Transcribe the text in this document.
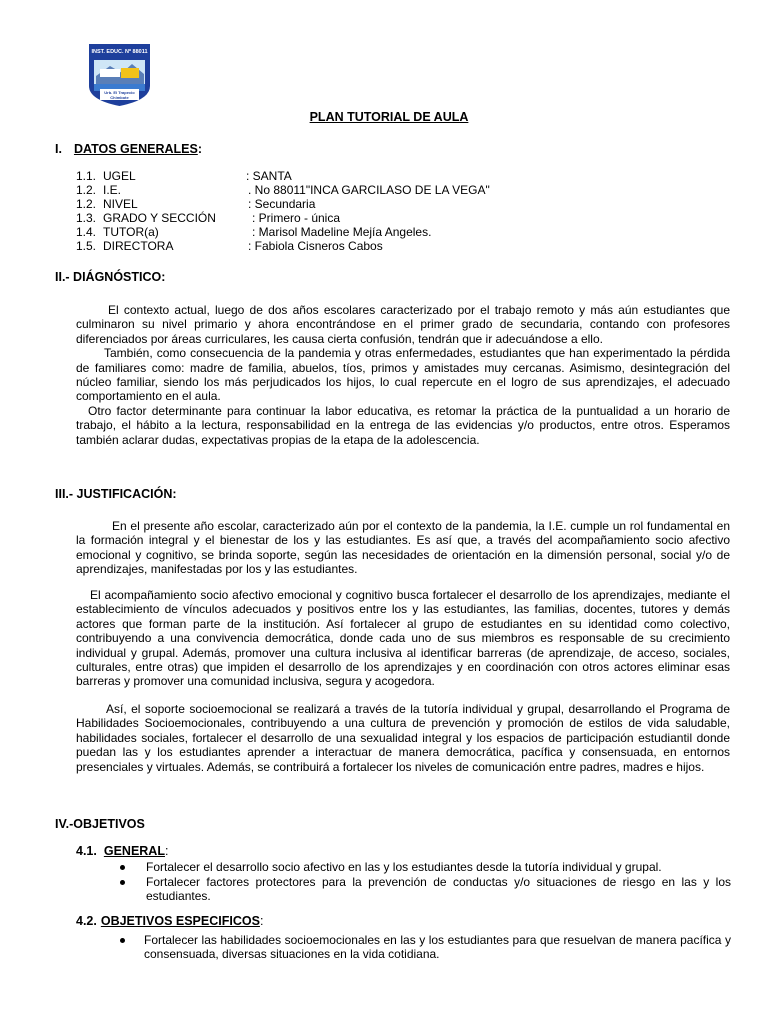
INST. EDUC. Nº 88011
Urb. El Trapecio
Chimbote
PLAN TUTORIAL DE AULA
I. DATOS GENERALES:
1.1. UGEL	: SANTA
1.2. I.E.	. No 88011"INCA GARCILASO DE LA VEGA"
1.2. NIVEL	: Secundaria
1.3. GRADO Y SECCIÓN	: Primero - única
1.4. TUTOR(a)	: Marisol Madeline Mejía Angeles.
1.5. DIRECTORA	: Fabiola Cisneros Cabos
II.- DIÁGNÓSTICO:

El contexto actual, luego de dos años escolares caracterizado por el trabajo remoto y más aún estudiantes que culminaron su nivel primario y ahora encontrándose en el primer grado de secundaria, contando con profesores diferenciados por áreas curriculares, les causa cierta confusión, tendrán que ir adecuándose a ello.

También, como consecuencia de la pandemia y otras enfermedades, estudiantes que han experimentado la pérdida de familiares como: madre de familia, abuelos, tíos, primos y amistades muy cercanas. Asimismo, desintegración del núcleo familiar, siendo los más perjudicados los hijos, lo cual repercute en el logro de sus aprendizajes, el adecuado comportamiento en el aula.

Otro factor determinante para continuar la labor educativa, es retomar la práctica de la puntualidad a un horario de trabajo, el hábito a la lectura, responsabilidad en la entrega de las evidencias y/o productos, entre otros. Esperamos también aclarar dudas, expectativas propias de la etapa de la adolescencia.

III.- JUSTIFICACIÓN:

En el presente año escolar, caracterizado aún por el contexto de la pandemia, la I.E. cumple un rol fundamental en la formación integral y el bienestar de los y las estudiantes. Es así que, a través del acompañamiento socio afectivo emocional y cognitivo, se brinda soporte, según las necesidades de orientación en la dimensión personal, social y/o de aprendizajes, manifestadas por los y las estudiantes.

El acompañamiento socio afectivo emocional y cognitivo busca fortalecer el desarrollo de los aprendizajes, mediante el establecimiento de vínculos adecuados y positivos entre los y las estudiantes, las familias, docentes, tutores y demás actores que forman parte de la institución. Así fortalecer al grupo de estudiantes en su identidad como colectivo, contribuyendo a una convivencia democrática, donde cada uno de sus miembros es responsable de su crecimiento individual y grupal. Además, promover una cultura inclusiva al identificar barreras (de aprendizaje, de acceso, sociales, culturales, entre otras) que impiden el desarrollo de los aprendizajes y en coordinación con otros actores eliminar esas barreras y promover una comunidad inclusiva, segura y acogedora.

Así, el soporte socioemocional se realizará a través de la tutoría individual y grupal, desarrollando el Programa de Habilidades Socioemocionales, contribuyendo a una cultura de prevención y promoción de estilos de vida saludable, habilidades sociales, fortalecer el desarrollo de una sexualidad integral y los espacios de participación estudiantil donde puedan las y los estudiantes aprender a interactuar de manera democrática, pacífica y consensuada, en entornos presenciales y virtuales. Además, se contribuirá a fortalecer los niveles de comunicación entre padres, madres e hijos.

IV.-OBJETIVOS
4.1. GENERAL:
Fortalecer el desarrollo socio afectivo en las y los estudiantes desde la tutoría individual y grupal.
Fortalecer factores protectores para la prevención de conductas y/o situaciones de riesgo en las y los estudiantes.
4.2. OBJETIVOS ESPECIFICOS:
Fortalecer las habilidades socioemocionales en las y los estudiantes para que resuelvan de manera pacífica y consensuada, diversas situaciones en la vida cotidiana.
